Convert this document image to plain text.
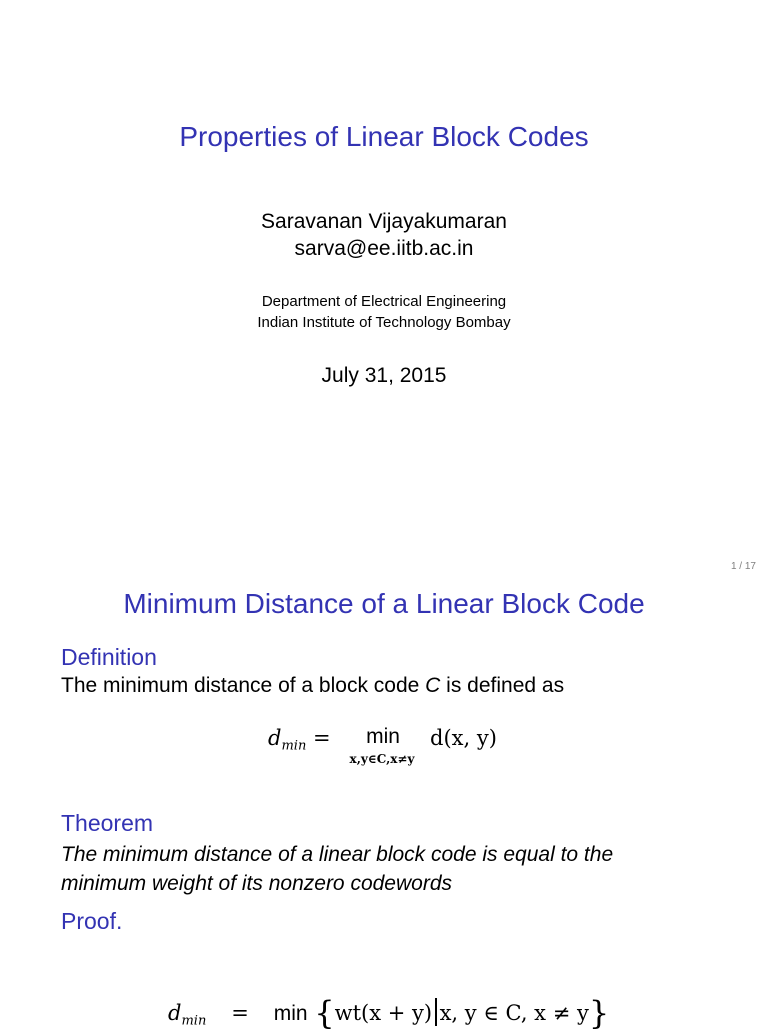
Properties of Linear Block Codes
Saravanan Vijayakumaran
sarva@ee.iitb.ac.in
Department of Electrical Engineering
Indian Institute of Technology Bombay
July 31, 2015
1 / 17
Minimum Distance of a Linear Block Code
Definition
The minimum distance of a block code C is defined as
$d_{min}$ =	min
x,y∈C,x≠y
d(x, y)
Theorem
The minimum distance of a linear block code is equal to the
minimum weight of its nonzero codewords
Proof.
$d_{min} = \min \{wt(x + y)$ x, y ∈ C, x ≠ y}
